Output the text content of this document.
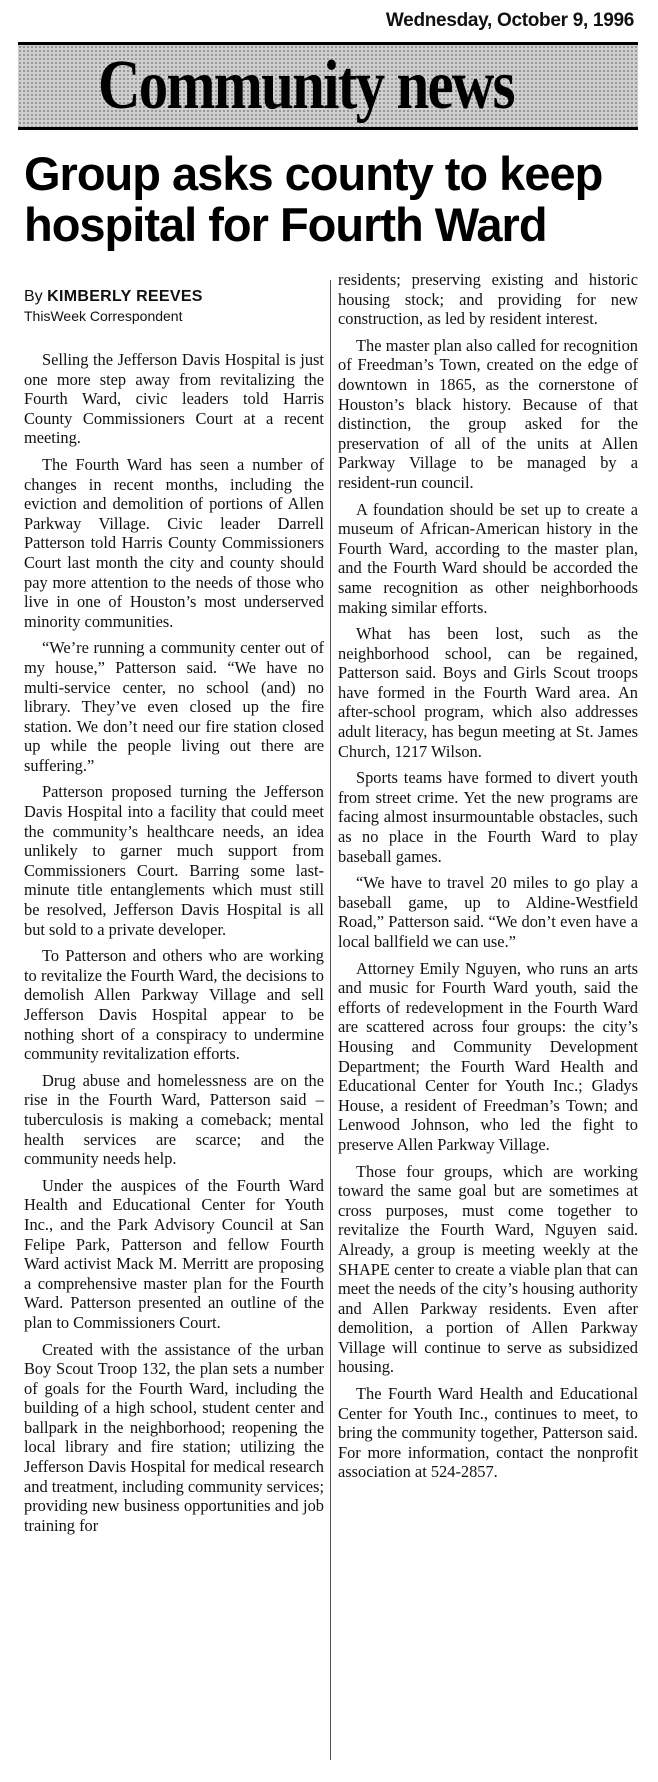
Wednesday, October 9, 1996
Community news
Group asks county to keep hospital for Fourth Ward
By KIMBERLY REEVES
ThisWeek Correspondent

Selling the Jefferson Davis Hospital is just one more step away from revitalizing the Fourth Ward, civic leaders told Harris County Commissioners Court at a recent meeting.

The Fourth Ward has seen a number of changes in recent months, including the eviction and demolition of portions of Allen Parkway Village. Civic leader Darrell Patterson told Harris County Commissioners Court last month the city and county should pay more attention to the needs of those who live in one of Houston’s most underserved minority communities.

“We’re running a community center out of my house,” Patterson said. “We have no multi-service center, no school (and) no library. They’ve even closed up the fire station. We don’t need our fire station closed up while the people living out there are suffering.”

Patterson proposed turning the Jefferson Davis Hospital into a facility that could meet the community’s healthcare needs, an idea unlikely to garner much support from Commissioners Court. Barring some last-minute title entanglements which must still be resolved, Jefferson Davis Hospital is all but sold to a private developer.

To Patterson and others who are working to revitalize the Fourth Ward, the decisions to demolish Allen Parkway Village and sell Jefferson Davis Hospital appear to be nothing short of a conspiracy to undermine community revitalization efforts.

Drug abuse and homelessness are on the rise in the Fourth Ward, Patterson said – tuberculosis is making a comeback; mental health services are scarce; and the community needs help.

Under the auspices of the Fourth Ward Health and Educational Center for Youth Inc., and the Park Advisory Council at San Felipe Park, Patterson and fellow Fourth Ward activist Mack M. Merritt are proposing a comprehensive master plan for the Fourth Ward. Patterson presented an outline of the plan to Commissioners Court.

Created with the assistance of the urban Boy Scout Troop 132, the plan sets a number of goals for the Fourth Ward, including the building of a high school, student center and ballpark in the neighborhood; reopening the local library and fire station; utilizing the Jefferson Davis Hospital for medical research and treatment, including community services; providing new business opportunities and job training for

residents; preserving existing and historic housing stock; and providing for new construction, as led by resident interest.

The master plan also called for recognition of Freedman’s Town, created on the edge of downtown in 1865, as the cornerstone of Houston’s black history. Because of that distinction, the group asked for the preservation of all of the units at Allen Parkway Village to be managed by a resident-run council.

A foundation should be set up to create a museum of African-American history in the Fourth Ward, according to the master plan, and the Fourth Ward should be accorded the same recognition as other neighborhoods making similar efforts.

What has been lost, such as the neighborhood school, can be regained, Patterson said. Boys and Girls Scout troops have formed in the Fourth Ward area. An after-school program, which also addresses adult literacy, has begun meeting at St. James Church, 1217 Wilson.

Sports teams have formed to divert youth from street crime. Yet the new programs are facing almost insurmountable obstacles, such as no place in the Fourth Ward to play baseball games.

“We have to travel 20 miles to go play a baseball game, up to Aldine-Westfield Road,” Patterson said. “We don’t even have a local ballfield we can use.”

Attorney Emily Nguyen, who runs an arts and music for Fourth Ward youth, said the efforts of redevelopment in the Fourth Ward are scattered across four groups: the city’s Housing and Community Development Department; the Fourth Ward Health and Educational Center for Youth Inc.; Gladys House, a resident of Freedman’s Town; and Lenwood Johnson, who led the fight to preserve Allen Parkway Village.

Those four groups, which are working toward the same goal but are sometimes at cross purposes, must come together to revitalize the Fourth Ward, Nguyen said. Already, a group is meeting weekly at the SHAPE center to create a viable plan that can meet the needs of the city’s housing authority and Allen Parkway residents. Even after demolition, a portion of Allen Parkway Village will continue to serve as subsidized housing.

The Fourth Ward Health and Educational Center for Youth Inc., continues to meet, to bring the community together, Patterson said. For more information, contact the nonprofit association at 524-2857.
